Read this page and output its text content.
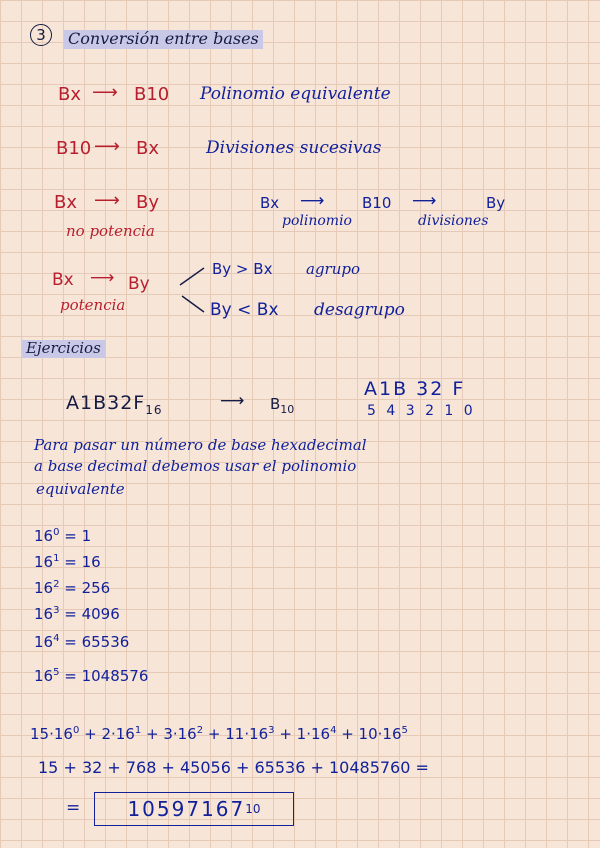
3 Conversión entre bases
Bx ⟶ B10 Polinomio equivalente
B10 ⟶ Bx	Divisiones sucesivas
Bx ⟶ By
no potencia
Bx ⟶	B10 ⟶	By
polinomio	divisiones
Bx ⟶ By
potencia
By > Bx agrupo
By < Bx desagrupo
Ejercicios
$A1B32F_{16}$	⟶ $B_{10}$
A1B 32 F
5 4 3 2 1 0
Para pasar un número de base hexadecimal
a base decimal debemos usar el polinomio
equivalente
$16^0 = 1$
$16^1 = 16$
$16^2 = 256$
$16^3 = 4096$
$16^4 = 65536$
$16^5 = 1048576$
$15\cdot 16^0 + 2\cdot 16^1 + 3\cdot 16^2 + 11\cdot 16^3 + 1\cdot 16^4 + 10\cdot 16^5$
15 + 32 + 768 + 45056 + 65536 + 10485760 =
= 10597167 10
